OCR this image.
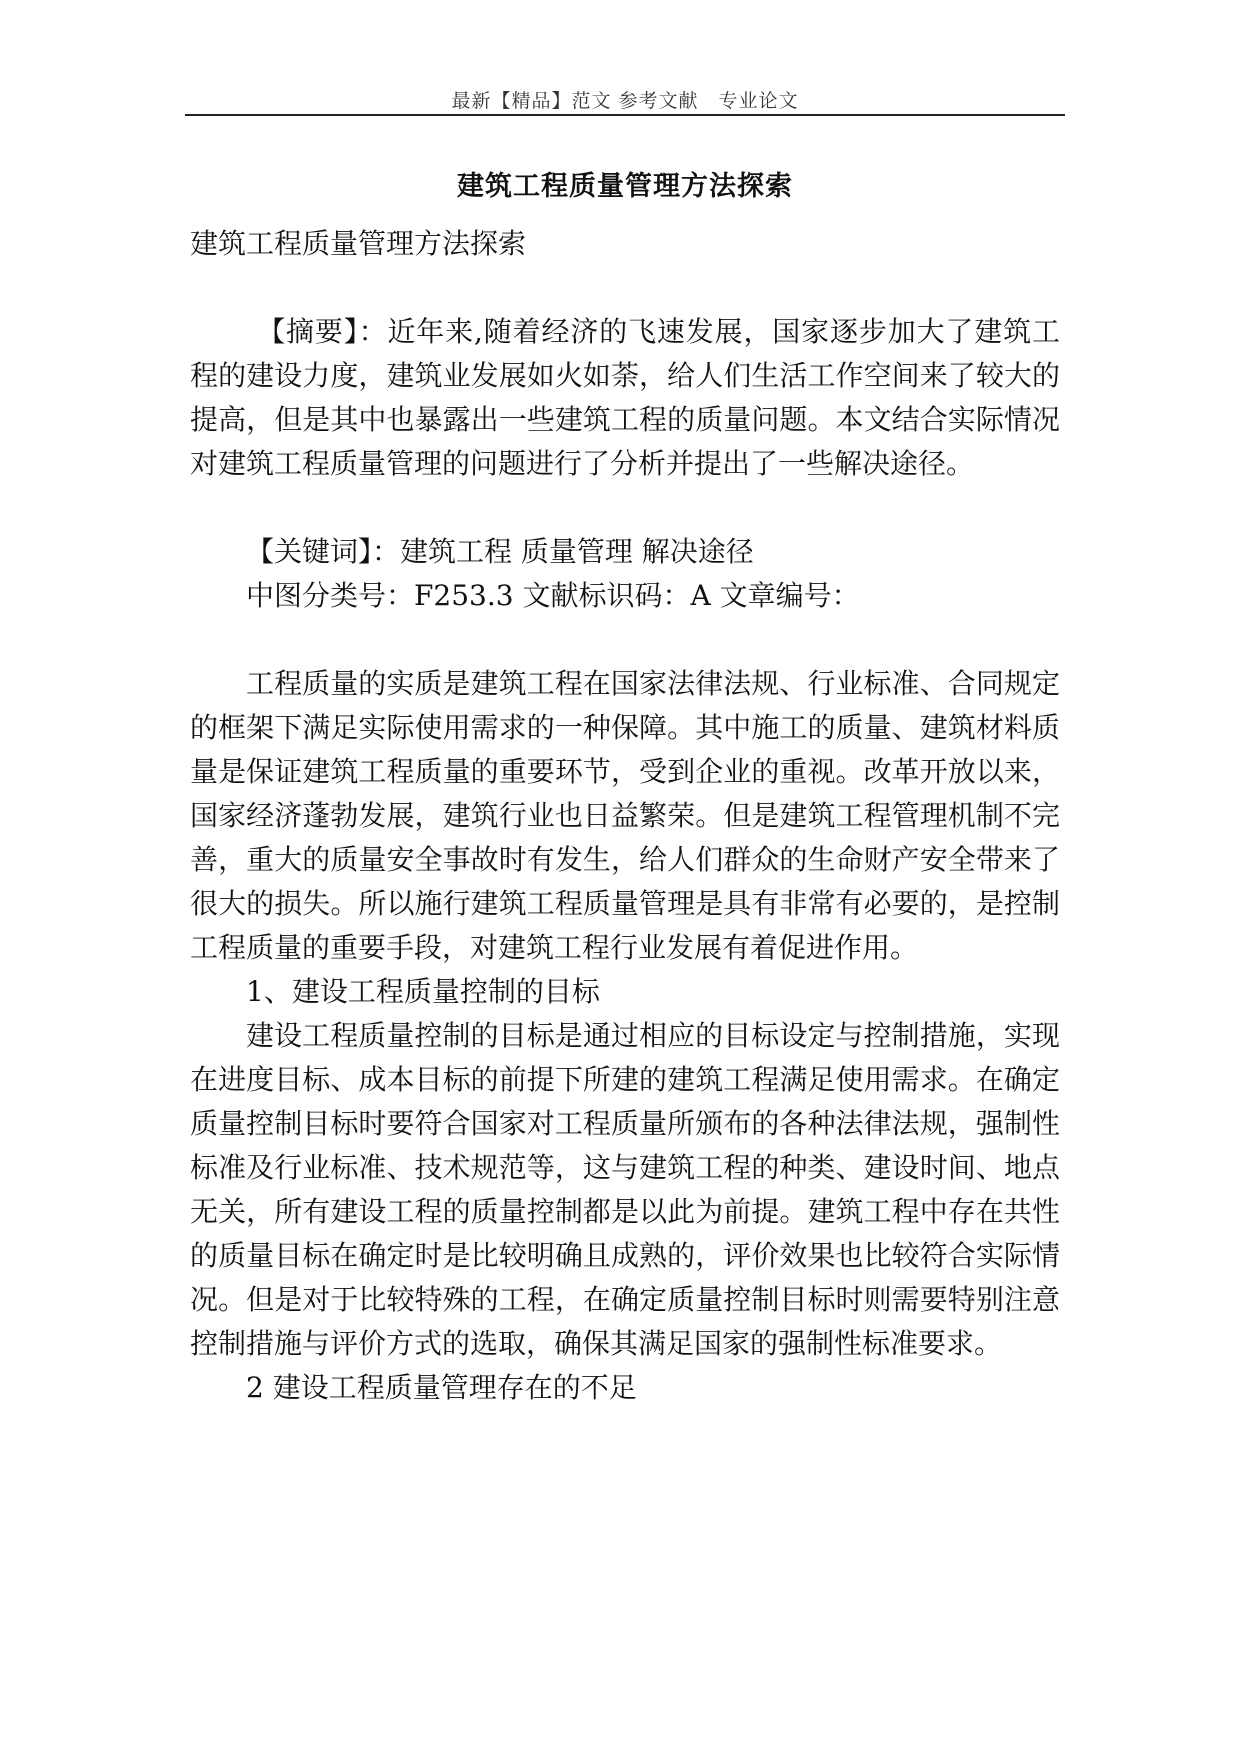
最新【精品】范文 参考文献　专业论文
建筑工程质量管理方法探索

建筑工程质量管理方法探索

【摘要】：近年来,随着经济的飞速发展，国家逐步加大了建筑工程的建设力度，建筑业发展如火如荼，给人们生活工作空间来了较大的提高，但是其中也暴露出一些建筑工程的质量问题。本文结合实际情况对建筑工程质量管理的问题进行了分析并提出了一些解决途径。

【关键词】：建筑工程 质量管理 解决途径

中图分类号：F253.3 文献标识码：A 文章编号：

工程质量的实质是建筑工程在国家法律法规、行业标准、合同规定的框架下满足实际使用需求的一种保障。其中施工的质量、建筑材料质量是保证建筑工程质量的重要环节，受到企业的重视。改革开放以来，国家经济蓬勃发展，建筑行业也日益繁荣。但是建筑工程管理机制不完善，重大的质量安全事故时有发生，给人们群众的生命财产安全带来了很大的损失。所以施行建筑工程质量管理是具有非常有必要的，是控制工程质量的重要手段，对建筑工程行业发展有着促进作用。

1、建设工程质量控制的目标

建设工程质量控制的目标是通过相应的目标设定与控制措施，实现在进度目标、成本目标的前提下所建的建筑工程满足使用需求。在确定质量控制目标时要符合国家对工程质量所颁布的各种法律法规，强制性标准及行业标准、技术规范等，这与建筑工程的种类、建设时间、地点无关，所有建设工程的质量控制都是以此为前提。建筑工程中存在共性的质量目标在确定时是比较明确且成熟的，评价效果也比较符合实际情况。但是对于比较特殊的工程，在确定质量控制目标时则需要特别注意控制措施与评价方式的选取，确保其满足国家的强制性标准要求。

2 建设工程质量管理存在的不足
